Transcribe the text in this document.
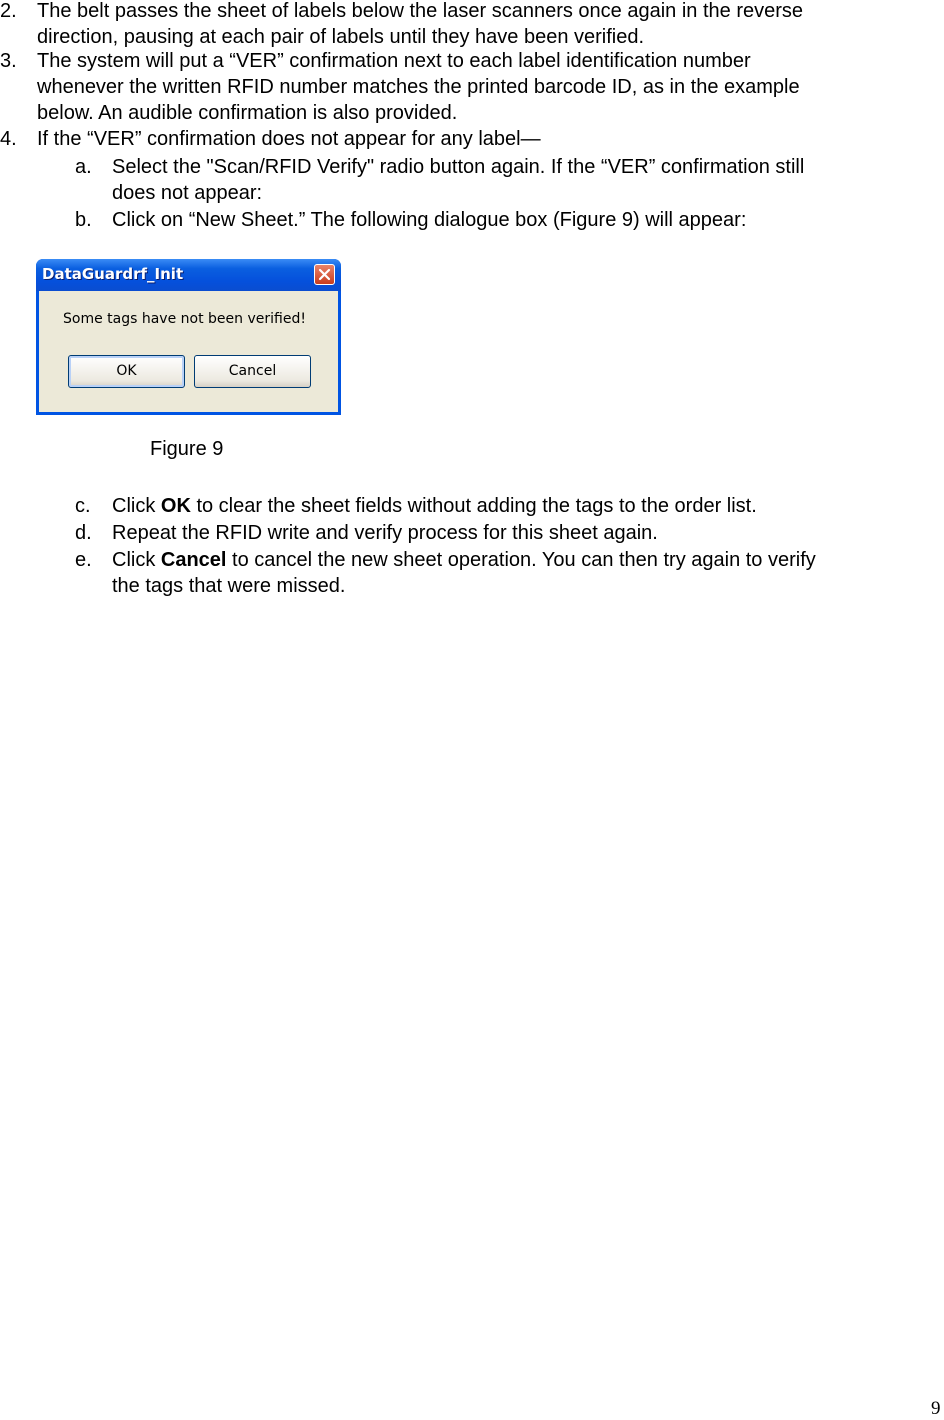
2. The belt passes the sheet of labels below the laser scanners once again in the reverse
direction, pausing at each pair of labels until they have been verified.
3. The system will put a “VER” confirmation next to each label identification number
whenever the written RFID number matches the printed barcode ID, as in the example
below. An audible confirmation is also provided.
4. If the “VER” confirmation does not appear for any label—
a. Select the "Scan/RFID Verify" radio button again. If the “VER” confirmation still
does not appear:
b. Click on “New Sheet.” The following dialogue box (Figure 9) will appear:
DataGuardrf_Init
Some tags have not been verified!
OK	Cancel
Figure 9
c. Click OK to clear the sheet fields without adding the tags to the order list.
d. Repeat the RFID write and verify process for this sheet again.
e. Click Cancel to cancel the new sheet operation. You can then try again to verify
the tags that were missed.
9
